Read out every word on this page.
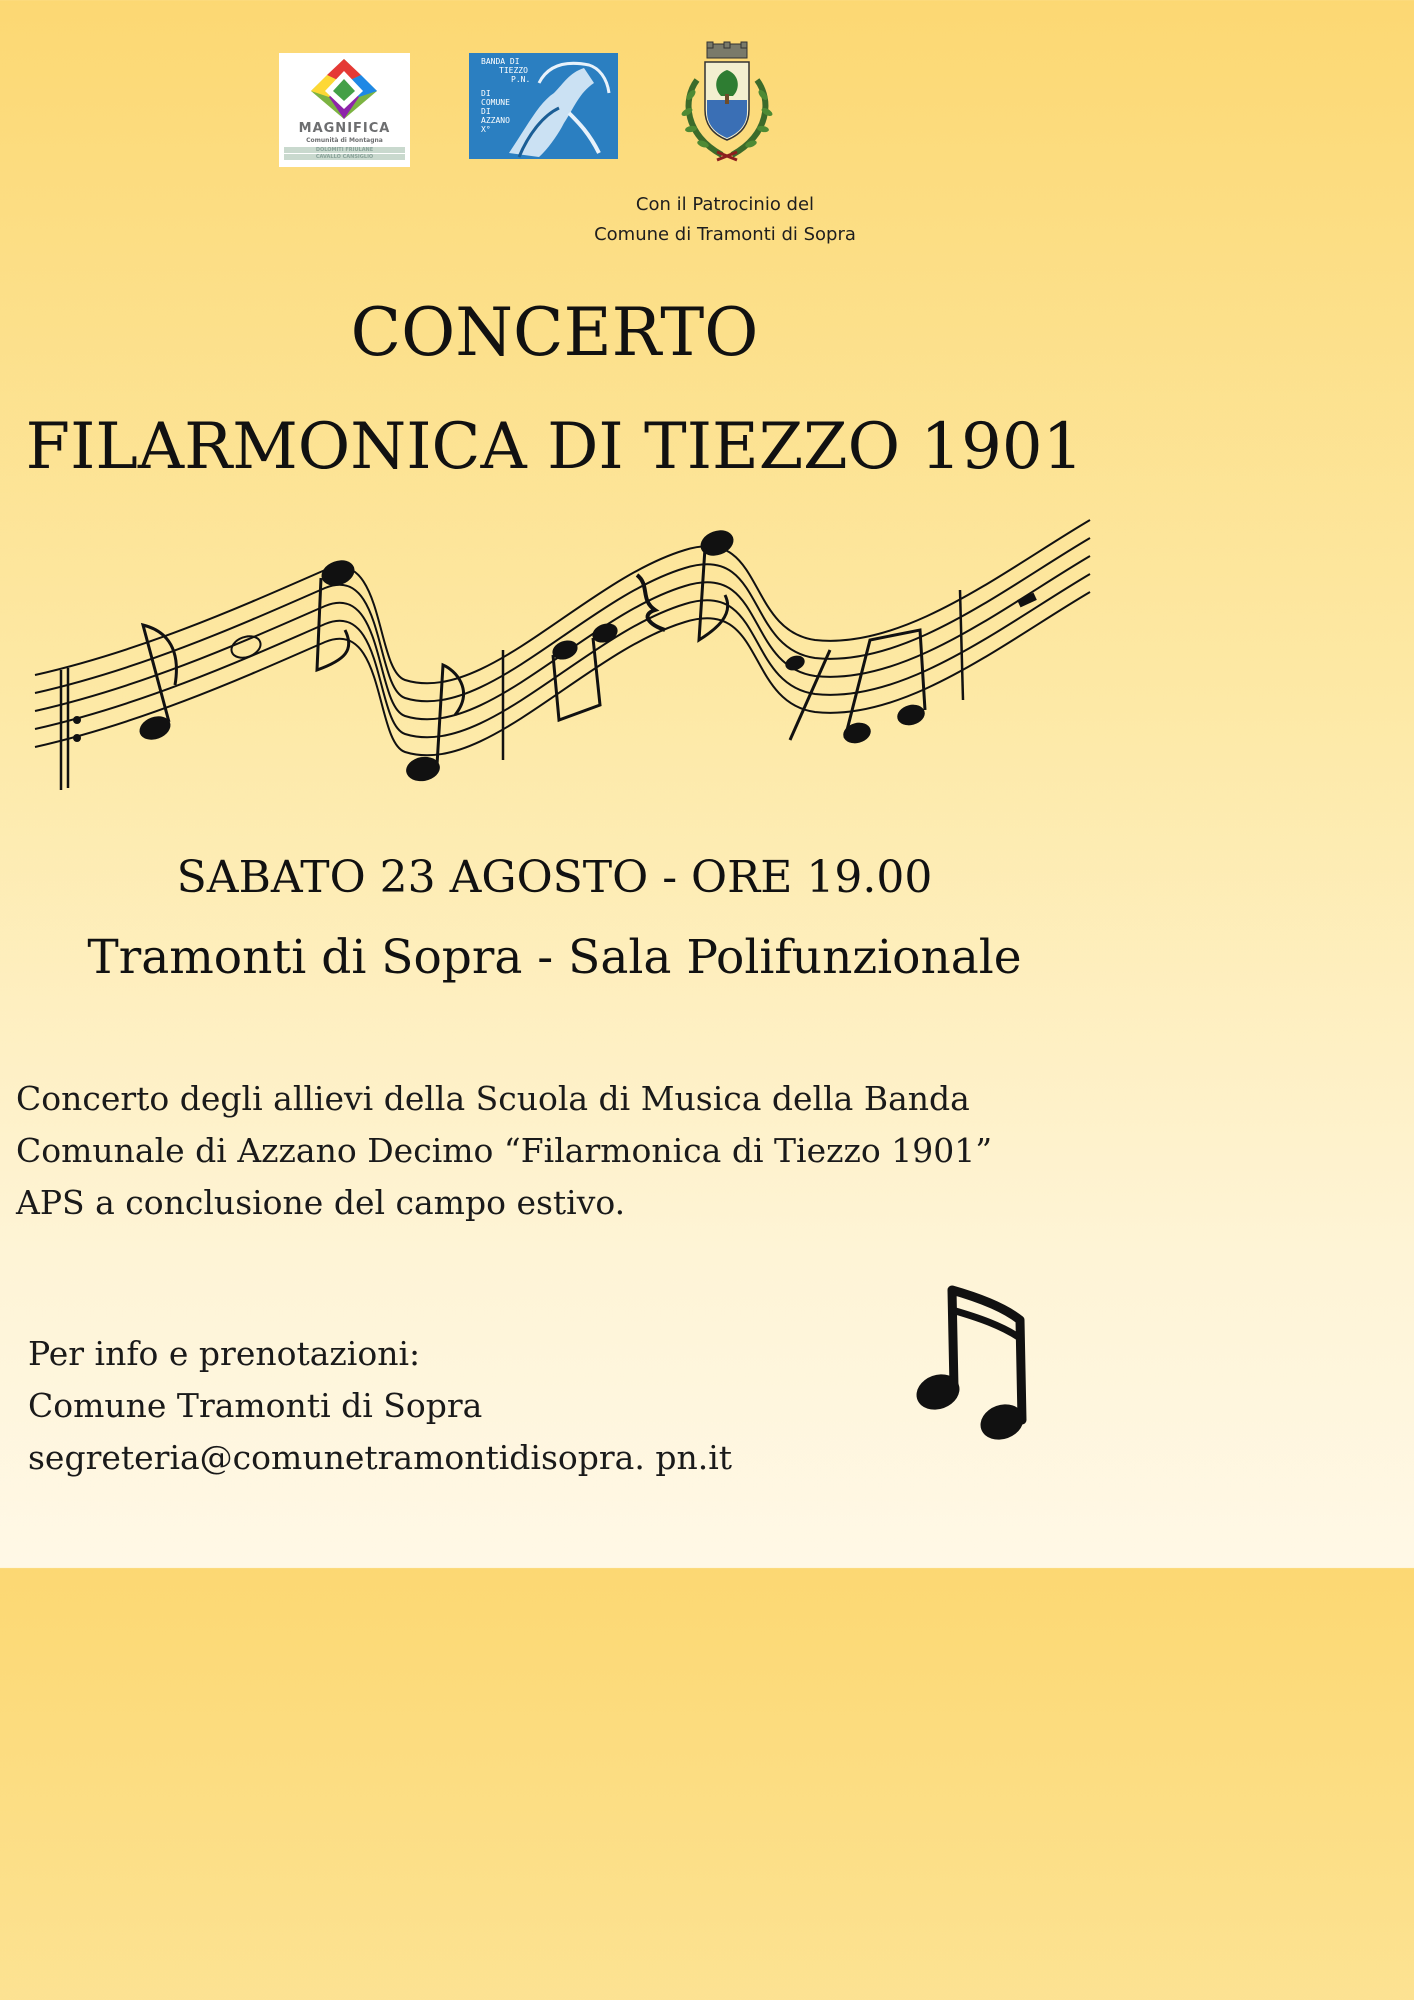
MAGNIFICA
Comunità di Montagna
DOLOMITI FRIULANE
CAVALLO CANSIGLIO
BANDA DI
TIEZZO
P.N.
DI
COMUNE
DI
AZZANO
X°
Con il Patrocinio del
Comune di Tramonti di Sopra
CONCERTO
FILARMONICA DI TIEZZO 1901
SABATO 23 AGOSTO - ORE 19.00
Tramonti di Sopra - Sala Polifunzionale
Concerto degli allievi della Scuola di Musica della Banda
Comunale di Azzano Decimo “Filarmonica di Tiezzo 1901”
APS a conclusione del campo estivo.
Per info e prenotazioni:
Comune Tramonti di Sopra
segreteria@comunetramontidisopra. pn.it
